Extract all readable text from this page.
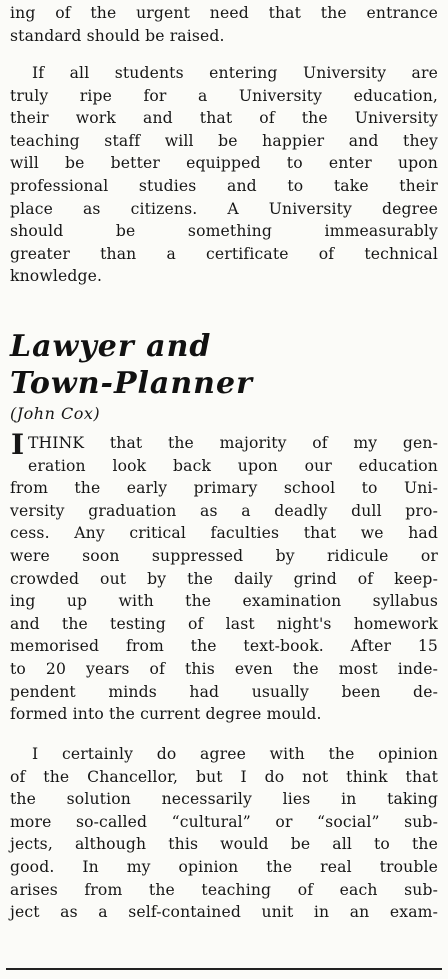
ing of the urgent need that the entrance
standard should be raised.

If all students entering University are
truly ripe for a University education,
their work and that of the University
teaching staff will be happier and they
will be better equipped to enter upon
professional studies and to take their
place as citizens. A University degree
should be something immeasurably
greater than a certificate of technical
knowledge.

Lawyer and
Town-Planner
(John Cox)
I THINK that the majority of my gen-
eration look back upon our education
from the early primary school to Uni-
versity graduation as a deadly dull pro-
cess. Any critical faculties that we had
were soon suppressed by ridicule or
crowded out by the daily grind of keep-
ing up with the examination syllabus
and the testing of last night's homework
memorised from the text-book. After 15
to 20 years of this even the most inde-
pendent minds had usually been de-
formed into the current degree mould.

I certainly do agree with the opinion
of the Chancellor, but I do not think that
the solution necessarily lies in taking
more so-called “cultural” or “social” sub-
jects, although this would be all to the
good. In my opinion the real trouble
arises from the teaching of each sub-
ject as a self-contained unit in an exam-
